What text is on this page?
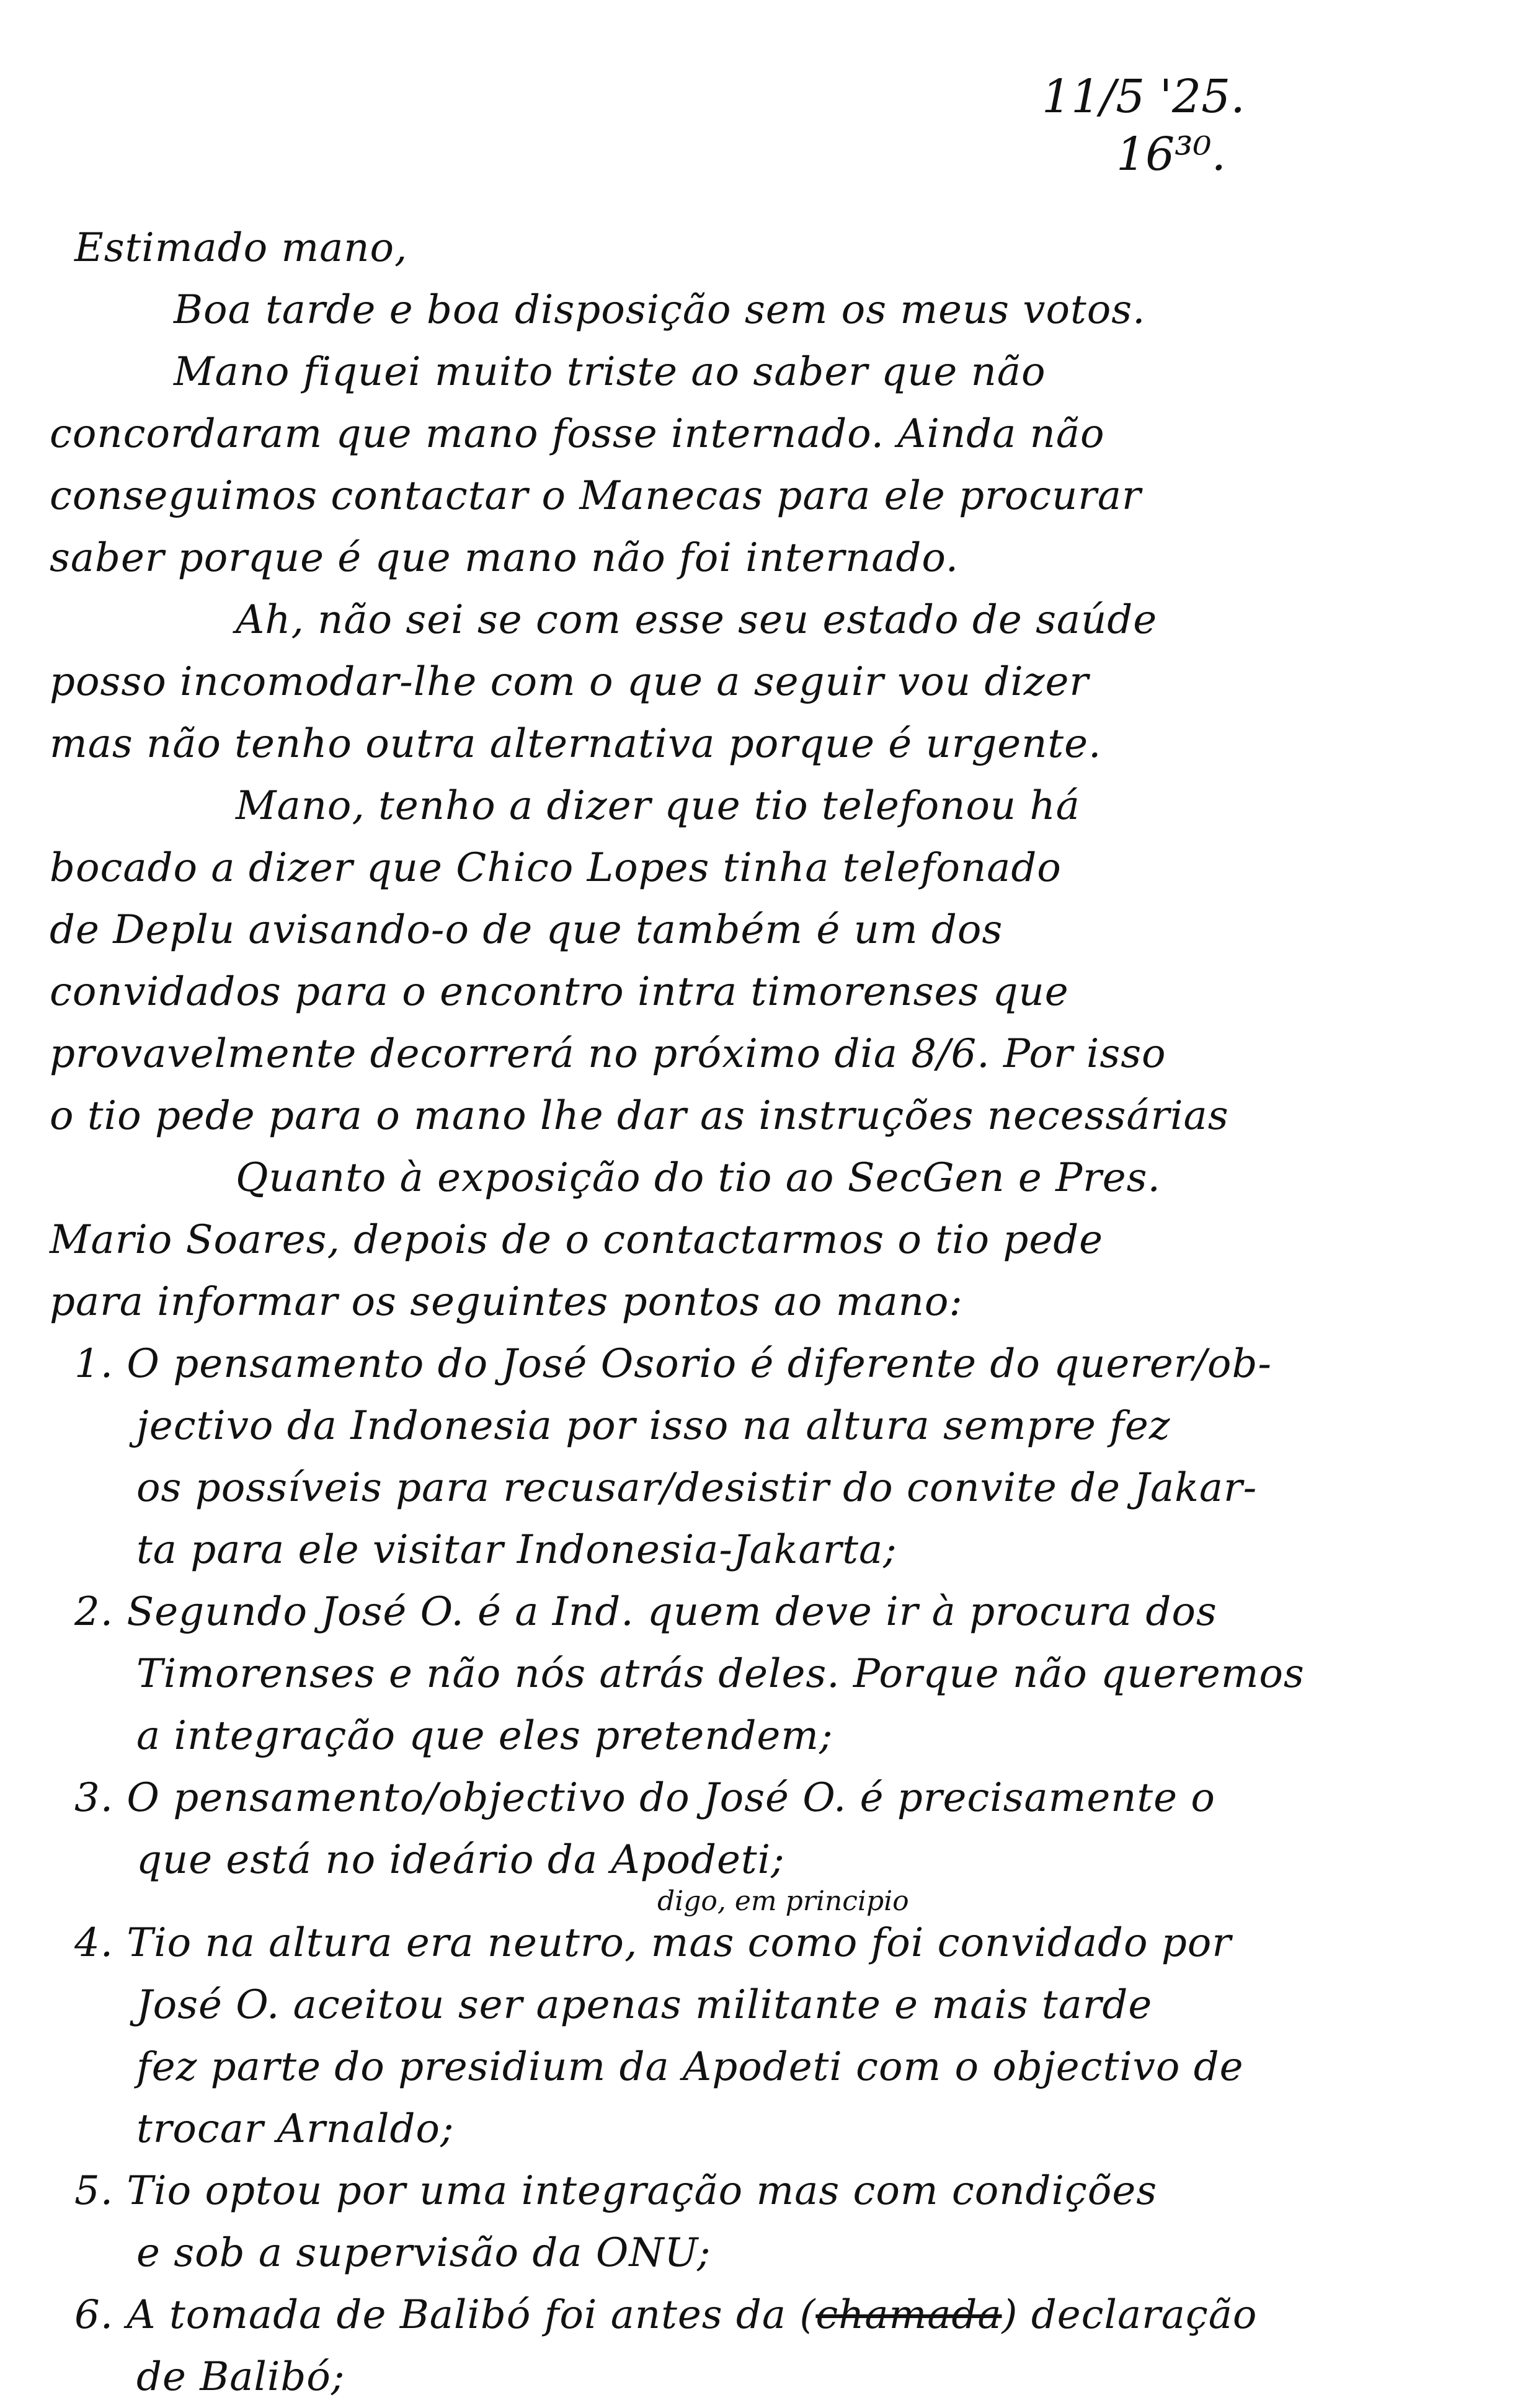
11/5 '25.
16³⁰.
Estimado mano,
Boa tarde e boa disposição sem os meus votos.
Mano fiquei muito triste ao saber que não
concordaram que mano fosse internado. Ainda não
conseguimos contactar o Manecas para ele procurar
saber porque é que mano não foi internado.
Ah, não sei se com esse seu estado de saúde
posso incomodar-lhe com o que a seguir vou dizer
mas não tenho outra alternativa porque é urgente.
Mano, tenho a dizer que tio telefonou há
bocado a dizer que Chico Lopes tinha telefonado
de Deplu avisando-o de que também é um dos
convidados para o encontro intra timorenses que
provavelmente decorrerá no próximo dia 8/6. Por isso
o tio pede para o mano lhe dar as instruções necessárias
Quanto à exposição do tio ao SecGen e Pres.
Mario Soares, depois de o contactarmos o tio pede
para informar os seguintes pontos ao mano:
1. O pensamento do José Osorio é diferente do querer/ob-
jectivo da Indonesia por isso na altura sempre fez
os possíveis para recusar/desistir do convite de Jakar-
ta para ele visitar Indonesia-Jakarta;
2. Segundo José O. é a Ind. quem deve ir à procura dos
Timorenses e não nós atrás deles. Porque não queremos
a integração que eles pretendem;
3. O pensamento/objectivo do José O. é precisamente o
que está no ideário da Apodeti;
digo, em principio
4. Tio na altura era neutro, mas como foi convidado por
José O. aceitou ser apenas militante e mais tarde
fez parte do presidium da Apodeti com o objectivo de
trocar Arnaldo;
5. Tio optou por uma integração mas com condições
e sob a supervisão da ONU;
6. A tomada de Balibó foi antes da (chamada) declaração
de Balibó;
